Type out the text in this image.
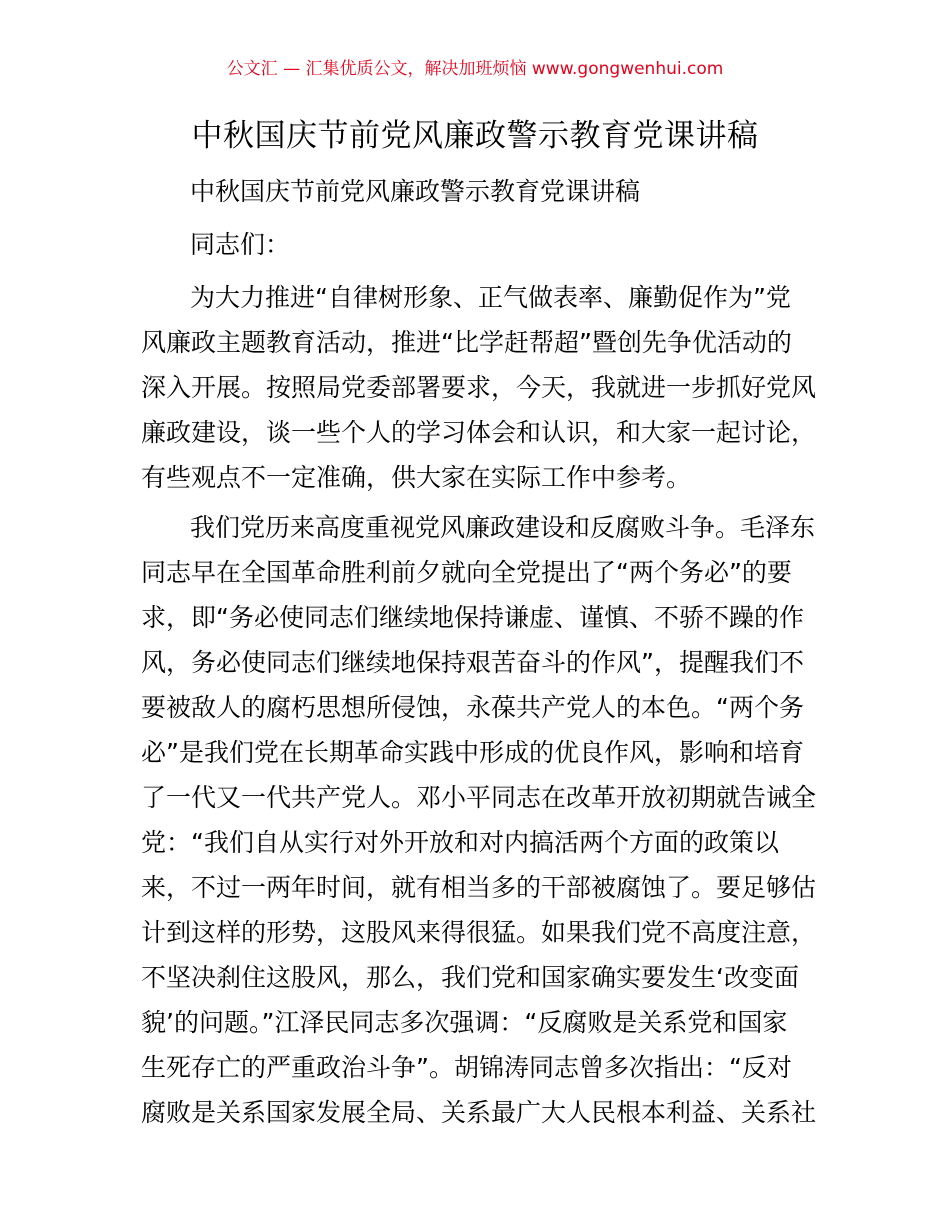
公文汇 — 汇集优质公文，解决加班烦恼 www.gongwenhui.com
中秋国庆节前党风廉政警示教育党课讲稿
中秋国庆节前党风廉政警示教育党课讲稿
同志们：
为大力推进“自律树形象、正气做表率、廉勤促作为”党
风廉政主题教育活动，推进“比学赶帮超”暨创先争优活动的
深入开展。按照局党委部署要求，今天，我就进一步抓好党风
廉政建设，谈一些个人的学习体会和认识，和大家一起讨论，
有些观点不一定准确，供大家在实际工作中参考。
我们党历来高度重视党风廉政建设和反腐败斗争。毛泽东
同志早在全国革命胜利前夕就向全党提出了“两个务必”的要
求，即“务必使同志们继续地保持谦虚、谨慎、不骄不躁的作
风，务必使同志们继续地保持艰苦奋斗的作风”，提醒我们不
要被敌人的腐朽思想所侵蚀，永葆共产党人的本色。“两个务
必”是我们党在长期革命实践中形成的优良作风，影响和培育
了一代又一代共产党人。邓小平同志在改革开放初期就告诫全
党：“我们自从实行对外开放和对内搞活两个方面的政策以
来，不过一两年时间，就有相当多的干部被腐蚀了。要足够估
计到这样的形势，这股风来得很猛。如果我们党不高度注意，
不坚决刹住这股风，那么，我们党和国家确实要发生‘改变面
貌’的问题。”江泽民同志多次强调：“反腐败是关系党和国家
生死存亡的严重政治斗争”。胡锦涛同志曾多次指出：“反对
腐败是关系国家发展全局、关系最广大人民根本利益、关系社
